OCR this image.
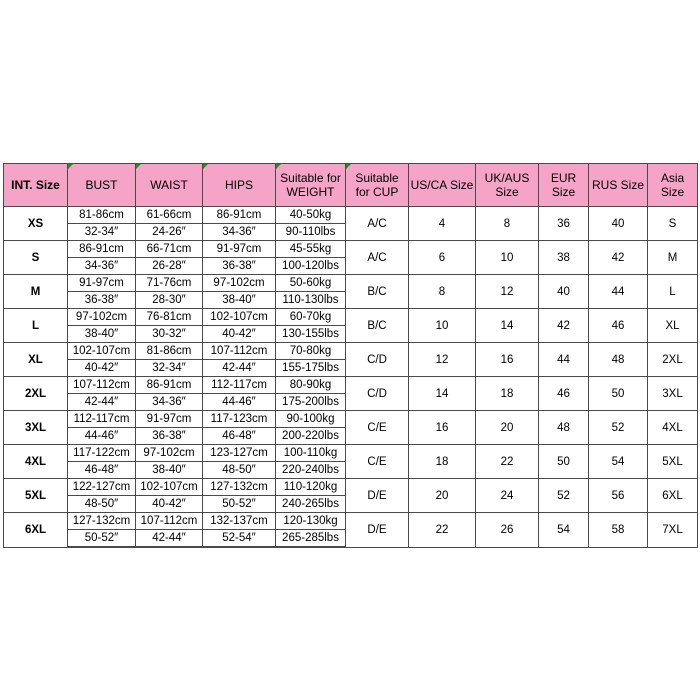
INT. Size	BUST	WAIST	HIPS	Suitable for WEIGHT	Suitable for CUP	US/CA Size	UK/AUS Size	EUR Size	RUS Size	Asia Size
XS	81-86cm	61-66cm	86-91cm	40-50kg	A/C	4	8	36	40	S
	32-34″	24-26″	34-36″	90-110lbs						
S	86-91cm	66-71cm	91-97cm	45-55kg	A/C	6	10	38	42	M
	34-36″	26-28″	36-38″	100-120lbs						
M	91-97cm	71-76cm	97-102cm	50-60kg	B/C	8	12	40	44	L
	36-38″	28-30″	38-40″	110-130lbs						
L	97-102cm	76-81cm	102-107cm	60-70kg	B/C	10	14	42	46	XL
	38-40″	30-32″	40-42″	130-155lbs						
XL	102-107cm	81-86cm	107-112cm	70-80kg	C/D	12	16	44	48	2XL
	40-42″	32-34″	42-44″	155-175lbs						
2XL	107-112cm	86-91cm	112-117cm	80-90kg	C/D	14	18	46	50	3XL
	42-44″	34-36″	44-46″	175-200lbs						
3XL	112-117cm	91-97cm	117-123cm	90-100kg	C/E	16	20	48	52	4XL
	44-46″	36-38″	46-48″	200-220lbs						
4XL	117-122cm	97-102cm	123-127cm	100-110kg	C/E	18	22	50	54	5XL
	46-48″	38-40″	48-50″	220-240lbs						
5XL	122-127cm	102-107cm	127-132cm	110-120kg	D/E	20	24	52	56	6XL
	48-50″	40-42″	50-52″	240-265lbs						
6XL	127-132cm	107-112cm	132-137cm	120-130kg	D/E	22	26	54	58	7XL
	50-52″	42-44″	52-54″	265-285lbs						
